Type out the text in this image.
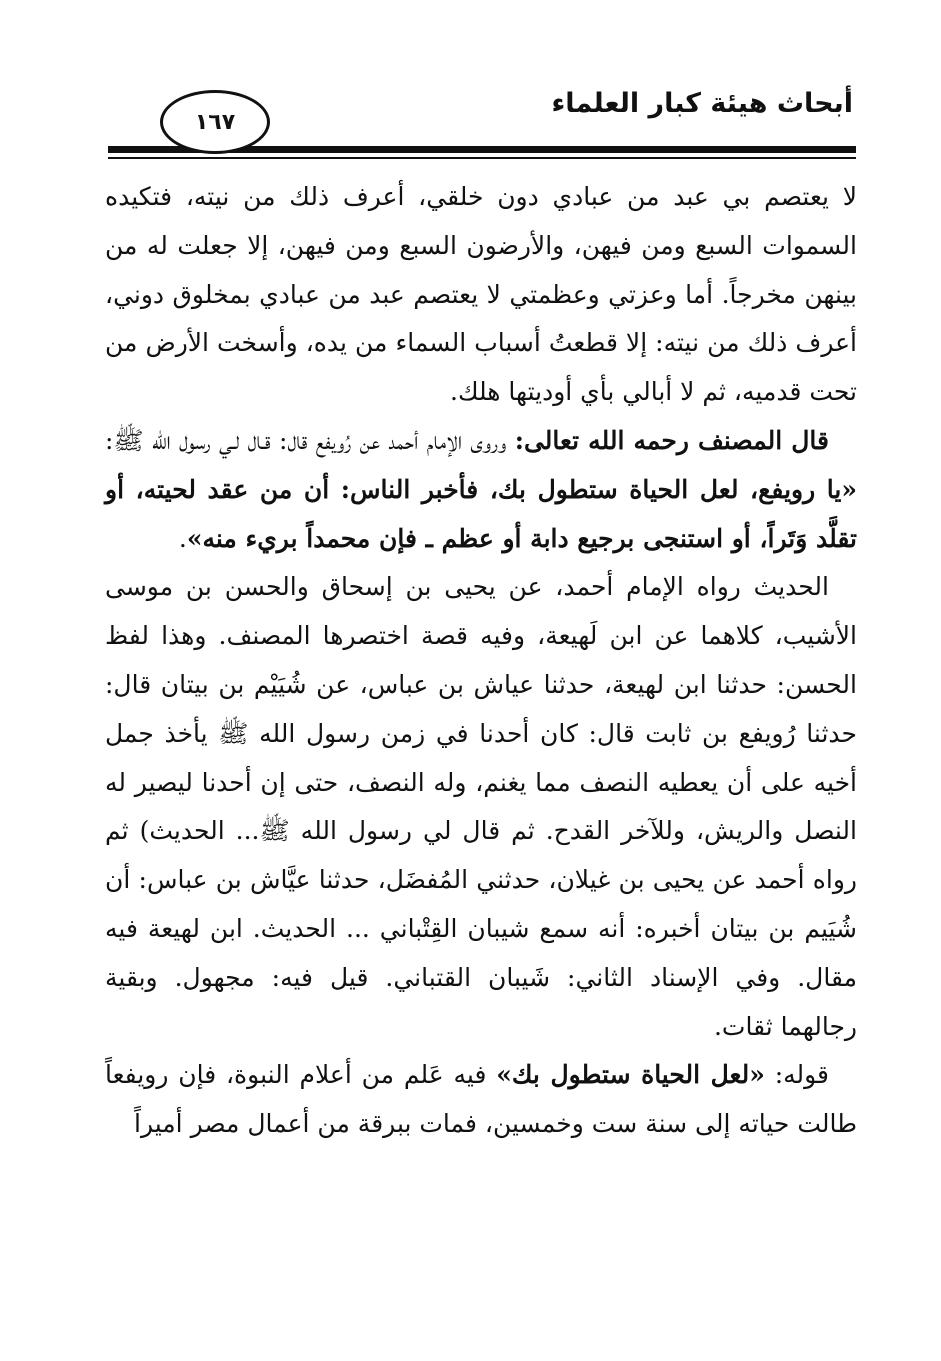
أبحاث هيئة كبار العلماء
١٦٧

لا يعتصم بي عبد من عبادي دون خلقي، أعرف ذلك من نيته، فتكيده السموات السبع ومن فيهن، والأرضون السبع ومن فيهن، إلا جعلت له من بينهن مخرجاً. أما وعزتي وعظمتي لا يعتصم عبد من عبادي بمخلوق دوني، أعرف ذلك من نيته: إلا قطعتُ أسباب السماء من يده، وأسخت الأرض من تحت قدميه، ثم لا أبالي بأي أوديتها هلك.

قال المصنف رحمه الله تعالى: وروى الإمام أحمد عن رُويفع قال: قـال لـي رسول الله ﷺ: «يا رويفع، لعل الحياة ستطول بك، فأخبر الناس: أن من عقد لحيته، أو تقلَّد وَتَراً، أو استنجى برجيع دابة أو عظم ـ فإن محمداً بريء منه».

الحديث رواه الإمام أحمد، عن يحيى بن إسحاق والحسن بن موسى الأشيب، كلاهما عن ابن لَهيعة، وفيه قصة اختصرها المصنف. وهذا لفظ الحسن: حدثنا ابن لهيعة، حدثنا عياش بن عباس، عن شُيَيْم بن بيتان قال: حدثنا رُويفع بن ثابت قال: كان أحدنا في زمن رسول الله ﷺ يأخذ جمل أخيه على أن يعطيه النصف مما يغنم، وله النصف، حتى إن أحدنا ليصير له النصل والريش، وللآخر القدح. ثم قال لي رسول الله ﷺ... الحديث) ثم رواه أحمد عن يحيى بن غيلان، حدثني المُفضَل، حدثنا عيَّاش بن عباس: أن شُيَيم بن بيتان أخبره: أنه سمع شيبان القِتْباني ... الحديث. ابن لهيعة فيه مقال. وفي الإسناد الثاني: شَيبان القتباني. قيل فيه: مجهول. وبقية رجالهما ثقات.

قوله: «لعل الحياة ستطول بك» فيه عَلم من أعلام النبوة، فإن رويفعاً طالت حياته إلى سنة ست وخمسين، فمات ببرقة من أعمال مصر أميراً
